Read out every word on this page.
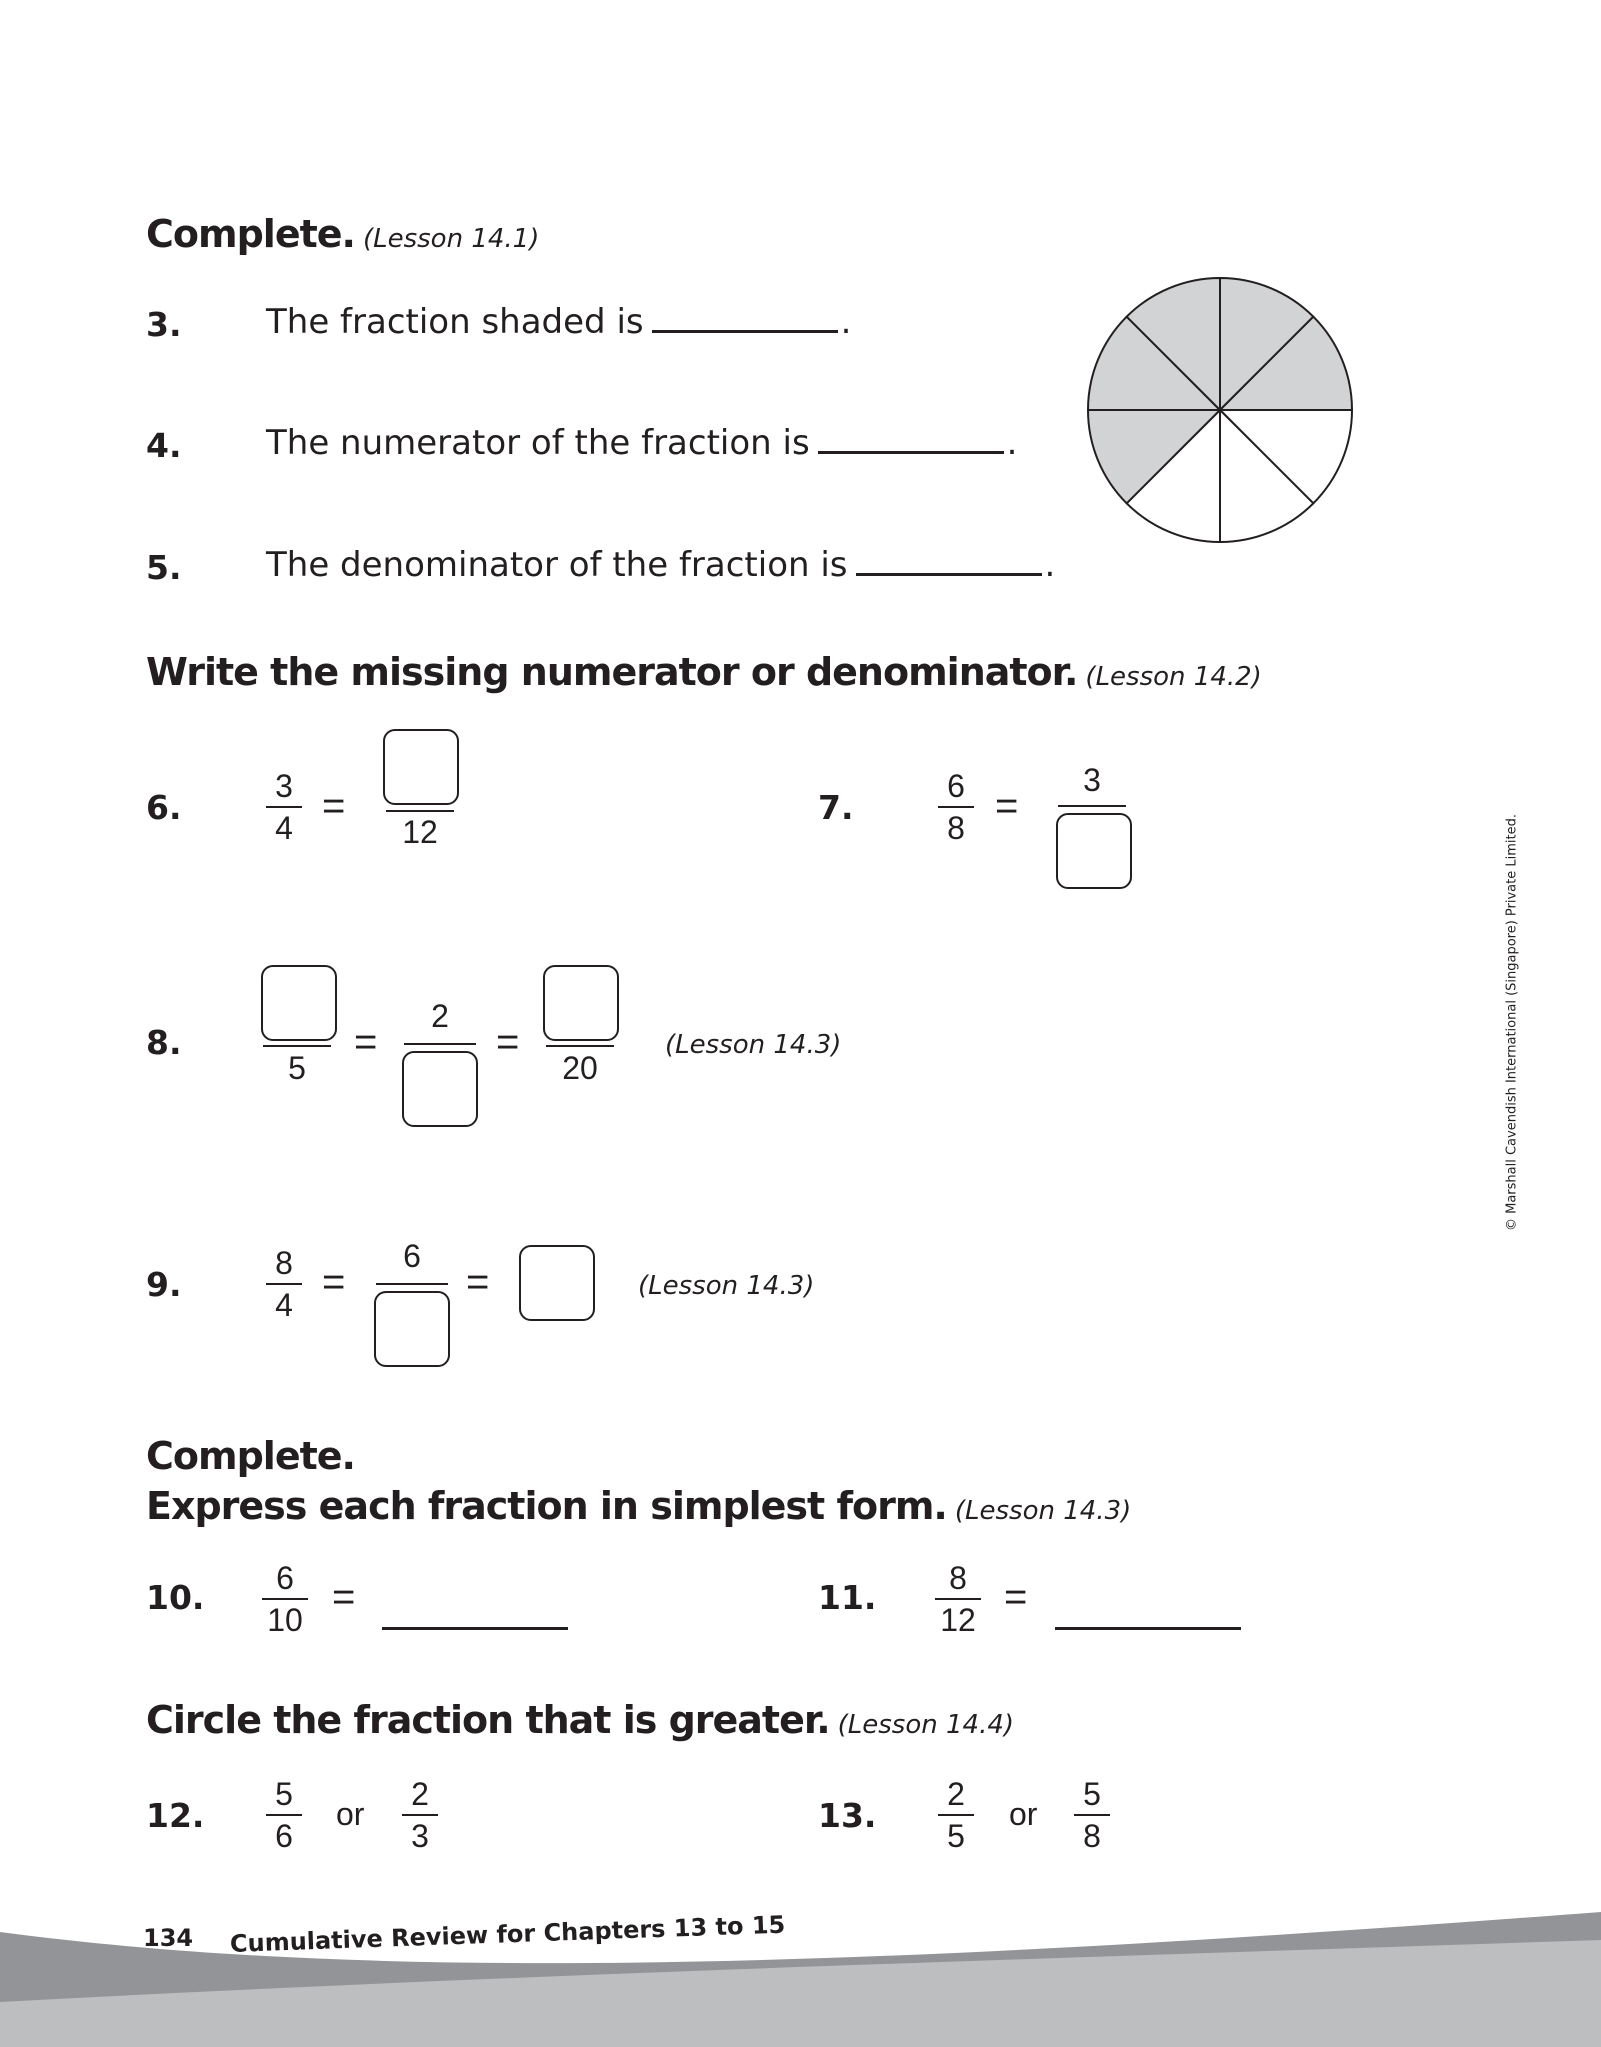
Complete. (Lesson 14.1)
3. The fraction shaded is	.
4. The numerator of the fraction is	.
5. The denominator of the fraction is	.
Write the missing numerator or denominator. (Lesson 14.2)
6.
3
4 =
12
7.
6
8 =
3
8.
5
=
2
=
20
(Lesson 14.3)
9.
8
4
=
6
=	(Lesson 14.3)
Complete.
Express each fraction in simplest form. (Lesson 14.3)
10. 6
10
=	11. 8
12
=
Circle the fraction that is greater. (Lesson 14.4)
12.
5
6
or
2
3
13.
2
5
or
5
8
© Marshall Cavendish International (Singapore) Private Limited.
134 Cumulative Review for Chapters 13 to 15
